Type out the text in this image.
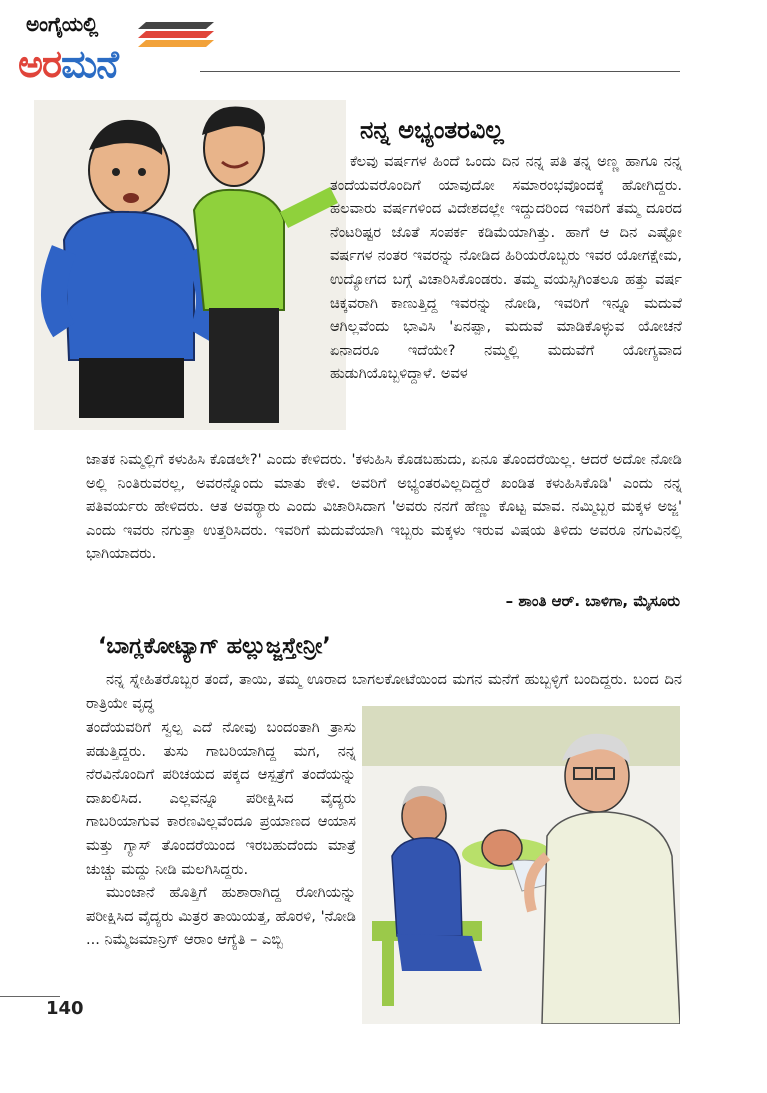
ಅಂಗೈಯಲ್ಲಿ
ಅರಮನೆ
ನನ್ನ ಅಭ್ಯಂತರವಿಲ್ಲ

ಕೆಲವು ವರ್ಷಗಳ ಹಿಂದೆ ಒಂದು ದಿನ ನನ್ನ ಪತಿ ತನ್ನ ಅಣ್ಣ ಹಾಗೂ ನನ್ನ ತಂದೆಯವರೊಂದಿಗೆ ಯಾವುದೋ ಸಮಾರಂಭವೊಂದಕ್ಕೆ ಹೋಗಿದ್ದರು. ಹಲವಾರು ವರ್ಷಗಳಿಂದ ವಿದೇಶದಲ್ಲೇ ಇದ್ದುದರಿಂದ ಇವರಿಗೆ ತಮ್ಮ ದೂರದ ನೆಂಟರಿಷ್ಟರ ಜೊತೆ ಸಂಪರ್ಕ ಕಡಿಮೆಯಾಗಿತ್ತು. ಹಾಗೆ ಆ ದಿನ ಎಷ್ಟೋ ವರ್ಷಗಳ ನಂತರ ಇವರನ್ನು ನೋಡಿದ ಹಿರಿಯರೊಬ್ಬರು ಇವರ ಯೋಗಕ್ಷೇಮ, ಉದ್ಯೋಗದ ಬಗ್ಗೆ ವಿಚಾರಿಸಿಕೊಂಡರು. ತಮ್ಮ ವಯಸ್ಸಿಗಿಂತಲೂ ಹತ್ತು ವರ್ಷ ಚಿಕ್ಕವರಾಗಿ ಕಾಣುತ್ತಿದ್ದ ಇವರನ್ನು ನೋಡಿ, ಇವರಿಗೆ ಇನ್ನೂ ಮದುವೆ ಆಗಿಲ್ಲವೆಂದು ಭಾವಿಸಿ 'ಏನಪ್ಪಾ, ಮದುವೆ ಮಾಡಿಕೊಳ್ಳುವ ಯೋಚನೆ ಏನಾದರೂ ಇದೆಯೇ? ನಮ್ಮಲ್ಲಿ ಮದುವೆಗೆ ಯೋಗ್ಯವಾದ ಹುಡುಗಿಯೊಬ್ಬಳಿದ್ದಾಳೆ. ಅವಳ

ಜಾತಕ ನಿಮ್ಮಲ್ಲಿಗೆ ಕಳುಹಿಸಿ ಕೊಡಲೇ?' ಎಂದು ಕೇಳಿದರು. 'ಕಳುಹಿಸಿ ಕೊಡಬಹುದು, ಏನೂ ತೊಂದರೆಯಿಲ್ಲ. ಆದರೆ ಅದೋ ನೋಡಿ ಅಲ್ಲಿ ನಿಂತಿರುವರಲ್ಲ, ಅವರನ್ನೊಂದು ಮಾತು ಕೇಳಿ. ಅವರಿಗೆ ಅಭ್ಯಂತರವಿಲ್ಲದಿದ್ದರೆ ಖಂಡಿತ ಕಳುಹಿಸಿಕೊಡಿ' ಎಂದು ನನ್ನ ಪತಿವರ್ಯರು ಹೇಳಿದರು. ಆತ ಅವರ್‍ಯಾರು ಎಂದು ವಿಚಾರಿಸಿದಾಗ 'ಅವರು ನನಗೆ ಹೆಣ್ಣು ಕೊಟ್ಟ ಮಾವ. ನಮ್ಮಿಬ್ಬರ ಮಕ್ಕಳ ಅಜ್ಜ' ಎಂದು ಇವರು ನಗುತ್ತಾ ಉತ್ತರಿಸಿದರು. ಇವರಿಗೆ ಮದುವೆಯಾಗಿ ಇಬ್ಬರು ಮಕ್ಕಳು ಇರುವ ವಿಷಯ ತಿಳಿದು ಅವರೂ ನಗುವಿನಲ್ಲಿ ಭಾಗಿಯಾದರು.

– ಶಾಂತಿ ಆರ್. ಬಾಳಿಗಾ, ಮೈಸೂರು
‘ಬಾಗ್ಲಕೋಟ್ಯಾಗ್ ಹಲ್ಲುಜ್ಜಸ್ತೇನ್ರೀ’

ನನ್ನ ಸ್ನೇಹಿತರೊಬ್ಬರ ತಂದೆ, ತಾಯಿ, ತಮ್ಮ ಊರಾದ ಬಾಗಲಕೋಟೆಯಿಂದ ಮಗನ ಮನೆಗೆ ಹುಬ್ಬಳ್ಳಿಗೆ ಬಂದಿದ್ದರು. ಬಂದ ದಿನ ರಾತ್ರಿಯೇ ವೃದ್ಧ

ತಂದೆಯವರಿಗೆ ಸ್ವಲ್ಪ ಎದೆ ನೋವು ಬಂದಂತಾಗಿ ತ್ರಾಸು ಪಡುತ್ತಿದ್ದರು. ತುಸು ಗಾಬರಿಯಾಗಿದ್ದ ಮಗ, ನನ್ನ ನೆರವಿನೊಂದಿಗೆ ಪರಿಚಯದ ಪಕ್ಕದ ಆಸ್ಪತ್ರೆಗೆ ತಂದೆಯನ್ನು ದಾಖಲಿಸಿದ. ಎಲ್ಲವನ್ನೂ ಪರೀಕ್ಷಿಸಿದ ವೈದ್ಯರು ಗಾಬರಿಯಾಗುವ ಕಾರಣವಿಲ್ಲವೆಂದೂ ಪ್ರಯಾಣದ ಆಯಾಸ ಮತ್ತು ಗ್ಯಾಸ್ ತೊಂದರೆಯಿಂದ ಇರಬಹುದೆಂದು ಮಾತ್ರೆ ಚುಚ್ಚು ಮದ್ದು ನೀಡಿ ಮಲಗಿಸಿದ್ದರು.

ಮುಂಜಾನೆ ಹೊತ್ತಿಗೆ ಹುಶಾರಾಗಿದ್ದ ರೋಗಿಯನ್ನು ಪರೀಕ್ಷಿಸಿದ ವೈದ್ಯರು ಮಿತ್ರರ ತಾಯಿಯತ್ತ, ಹೊರಳಿ, 'ನೋಡಿ ... ನಿಮ್ಮೆಜಮಾನ್ರಿಗ್ ಆರಾಂ ಆಗ್ಯೆತಿ – ಎಬ್ಬಿ

140
